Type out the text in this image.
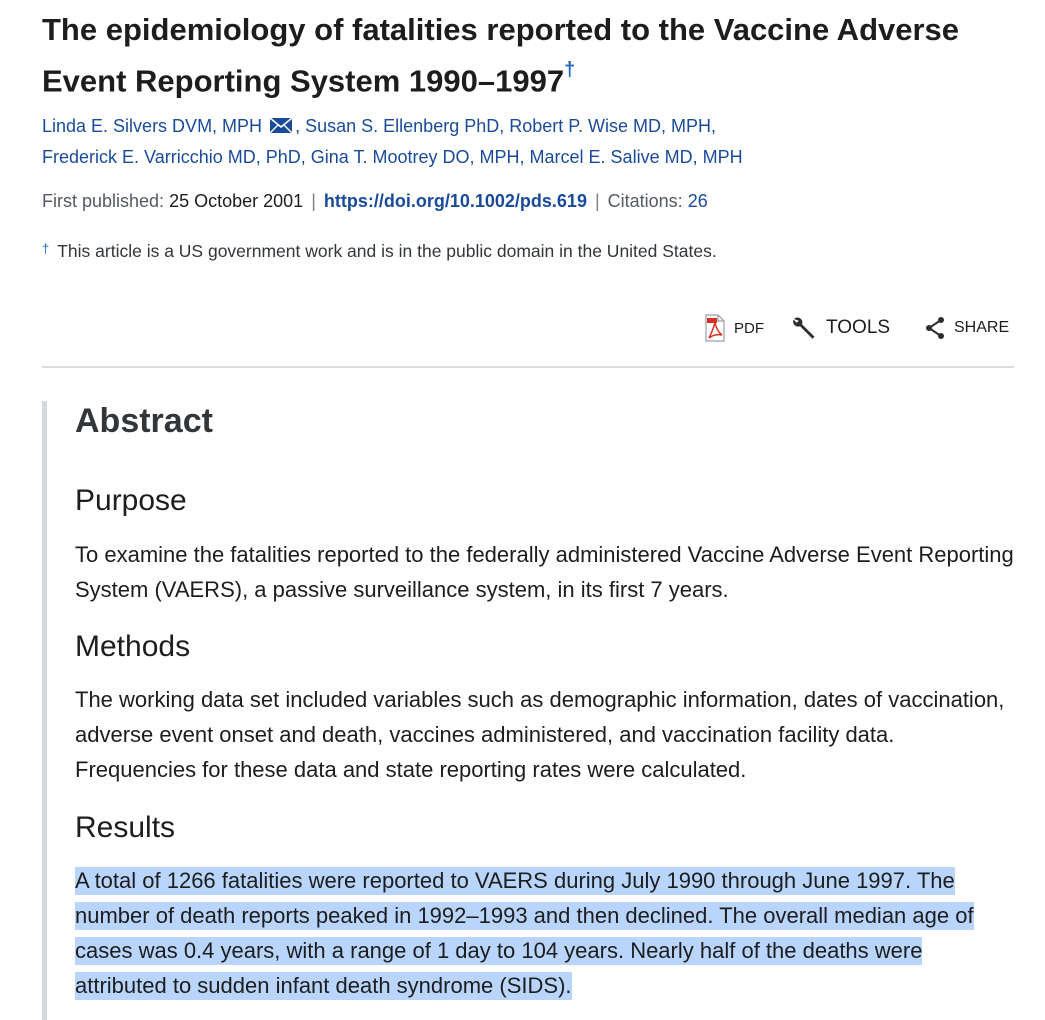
The epidemiology of fatalities reported to the Vaccine Adverse Event Reporting System 1990–1997†
Linda E. Silvers DVM, MPH , Susan S. Ellenberg PhD, Robert P. Wise MD, MPH,
Frederick E. Varricchio MD, PhD, Gina T. Mootrey DO, MPH, Marcel E. Salive MD, MPH
First published: 25 October 2001 | https://doi.org/10.1002/pds.619 | Citations: 26
† This article is a US government work and is in the public domain in the United States.
PDF	TOOLS	SHARE
Abstract
Purpose

To examine the fatalities reported to the federally administered Vaccine Adverse Event Reporting System (VAERS), a passive surveillance system, in its first 7 years.

Methods

The working data set included variables such as demographic information, dates of vaccination, adverse event onset and death, vaccines administered, and vaccination facility data. Frequencies for these data and state reporting rates were calculated.

Results

A total of 1266 fatalities were reported to VAERS during July 1990 through June 1997. The number of death reports peaked in 1992–1993 and then declined. The overall median age of cases was 0.4 years, with a range of 1 day to 104 years. Nearly half of the deaths were attributed to sudden infant death syndrome (SIDS).
